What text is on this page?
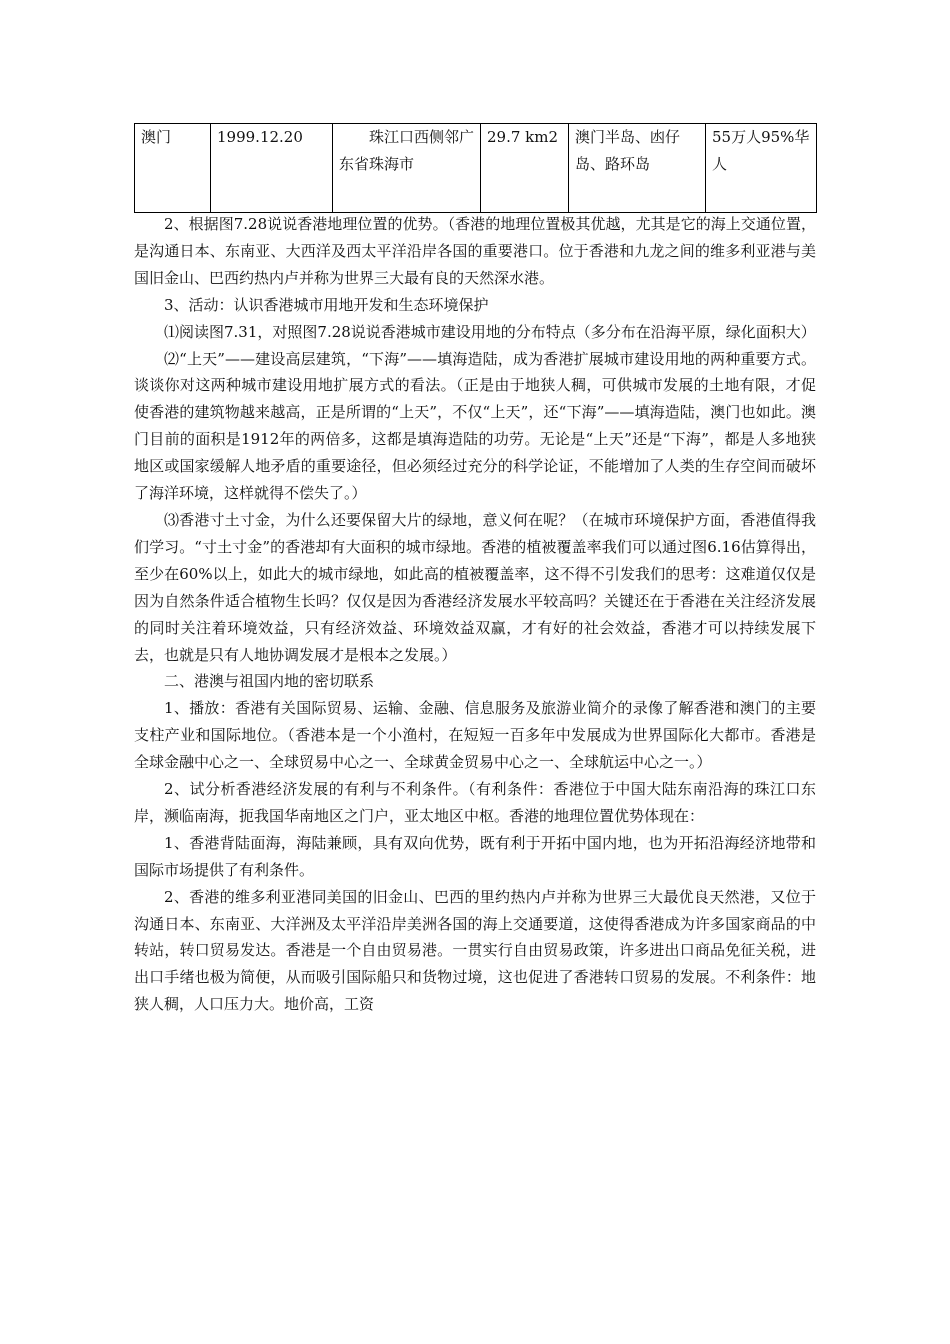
澳门	1999.12.20	　　珠江口西侧邻广东省珠海市	29.7 km2	澳门半岛、凼仔岛、路环岛	55万人95%华人

2、根据图7.28说说香港地理位置的优势。（香港的地理位置极其优越，尤其是它的海上交通位置，是沟通日本、东南亚、大西洋及西太平洋沿岸各国的重要港口。位于香港和九龙之间的维多利亚港与美国旧金山、巴西约热内卢并称为世界三大最有良的天然深水港。

3、活动：认识香港城市用地开发和生态环境保护

⑴阅读图7.31，对照图7.28说说香港城市建设用地的分布特点（多分布在沿海平原，绿化面积大）

⑵“上天”——建设高层建筑，“下海”——填海造陆，成为香港扩展城市建设用地的两种重要方式。谈谈你对这两种城市建设用地扩展方式的看法。（正是由于地狭人稠，可供城市发展的土地有限，才促使香港的建筑物越来越高，正是所谓的“上天”，不仅“上天”，还“下海”——填海造陆，澳门也如此。澳门目前的面积是1912年的两倍多，这都是填海造陆的功劳。无论是“上天”还是“下海”，都是人多地狭地区或国家缓解人地矛盾的重要途径，但必须经过充分的科学论证，不能增加了人类的生存空间而破坏了海洋环境，这样就得不偿失了。）

⑶香港寸土寸金，为什么还要保留大片的绿地，意义何在呢？（在城市环境保护方面，香港值得我们学习。“寸土寸金”的香港却有大面积的城市绿地。香港的植被覆盖率我们可以通过图6.16估算得出，至少在60%以上，如此大的城市绿地，如此高的植被覆盖率，这不得不引发我们的思考：这难道仅仅是因为自然条件适合植物生长吗？仅仅是因为香港经济发展水平较高吗？关键还在于香港在关注经济发展的同时关注着环境效益，只有经济效益、环境效益双赢，才有好的社会效益，香港才可以持续发展下去，也就是只有人地协调发展才是根本之发展。）

二、港澳与祖国内地的密切联系

1、播放：香港有关国际贸易、运输、金融、信息服务及旅游业简介的录像了解香港和澳门的主要支柱产业和国际地位。（香港本是一个小渔村，在短短一百多年中发展成为世界国际化大都市。香港是全球金融中心之一、全球贸易中心之一、全球黄金贸易中心之一、全球航运中心之一。）

2、试分析香港经济发展的有利与不利条件。（有利条件：香港位于中国大陆东南沿海的珠江口东岸，濒临南海，扼我国华南地区之门户，亚太地区中枢。香港的地理位置优势体现在：

1、香港背陆面海，海陆兼顾，具有双向优势，既有利于开拓中国内地，也为开拓沿海经济地带和国际市场提供了有利条件。

2、香港的维多利亚港同美国的旧金山、巴西的里约热内卢并称为世界三大最优良天然港，又位于沟通日本、东南亚、大洋洲及太平洋沿岸美洲各国的海上交通要道，这使得香港成为许多国家商品的中转站，转口贸易发达。香港是一个自由贸易港。一贯实行自由贸易政策，许多进出口商品免征关税，进出口手绪也极为简便，从而吸引国际船只和货物过境，这也促进了香港转口贸易的发展。不利条件：地狭人稠，人口压力大。地价高，工资
